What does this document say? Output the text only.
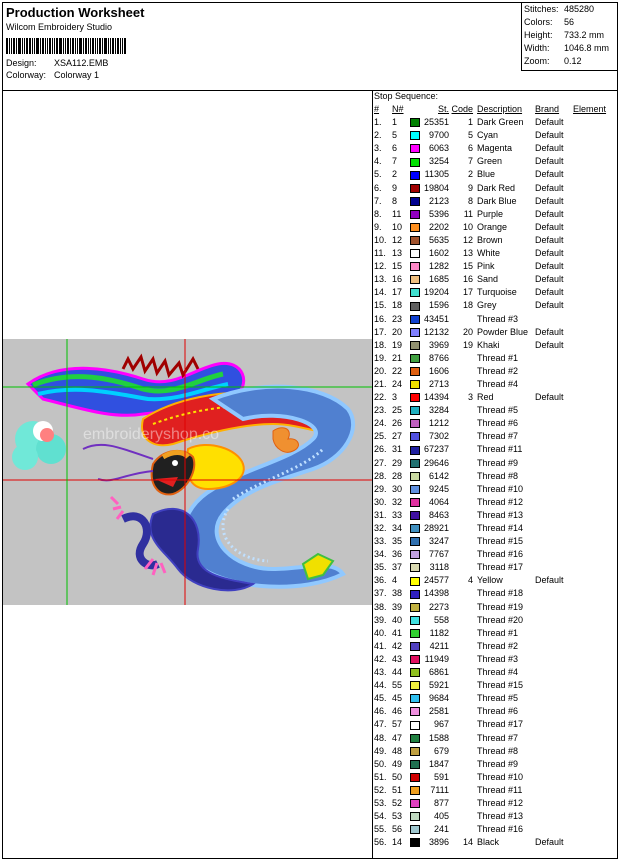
Production Worksheet
Wilcom Embroidery Studio
Design: XSA112.EMB
Colorway: Colorway 1
Stitches: 485280
Colors:	56
Height:	733.2 mm
Width:	1046.8 mm
Zoom:	0.12
embroideryshop.co
Stop Sequence:
#	N#		St.	Code	Description	Brand	Element
1.	1		25351	1	Dark Green	Default	
2.	5		9700	5	Cyan	Default	
3.	6		6063	6	Magenta	Default	
4.	7		3254	7	Green	Default	
5.	2		11305	2	Blue	Default	
6.	9		19804	9	Dark Red	Default	
7.	8		2123	8	Dark Blue	Default	
8.	11		5396	11	Purple	Default	
9.	10		2202	10	Orange	Default	
10.	12		5635	12	Brown	Default	
11.	13		1602	13	White	Default	
12.	15		1282	15	Pink	Default	
13.	16		1685	16	Sand	Default	
14.	17		19204	17	Turquoise	Default	
15.	18		1596	18	Grey	Default	
16.	23		43451		Thread #3		
17.	20		12132	20	Powder Blue	Default	
18.	19		3969	19	Khaki	Default	
19.	21		8766		Thread #1		
20.	22		1606		Thread #2		
21.	24		2713		Thread #4		
22.	3		14394	3	Red	Default	
23.	25		3284		Thread #5		
24.	26		1212		Thread #6		
25.	27		7302		Thread #7		
26.	31		67237		Thread #11		
27.	29		29646		Thread #9		
28.	28		6142		Thread #8		
29.	30		9245		Thread #10		
30.	32		4064		Thread #12		
31.	33		8463		Thread #13		
32.	34		28921		Thread #14		
33.	35		3247		Thread #15		
34.	36		7767		Thread #16		
35.	37		3118		Thread #17		
36.	4		24577	4	Yellow	Default	
37.	38		14398		Thread #18		
38.	39		2273		Thread #19		
39.	40		558		Thread #20		
40.	41		1182		Thread #1		
41.	42		4211		Thread #2		
42.	43		11949		Thread #3		
43.	44		6861		Thread #4		
44.	55		5921		Thread #15		
45.	45		9684		Thread #5		
46.	46		2581		Thread #6		
47.	57		967		Thread #17		
48.	47		1588		Thread #7		
49.	48		679		Thread #8		
50.	49		1847		Thread #9		
51.	50		591		Thread #10		
52.	51		7111		Thread #11		
53.	52		877		Thread #12		
54.	53		405		Thread #13		
55.	56		241		Thread #16		
56.	14		3896	14	Black	Default	
